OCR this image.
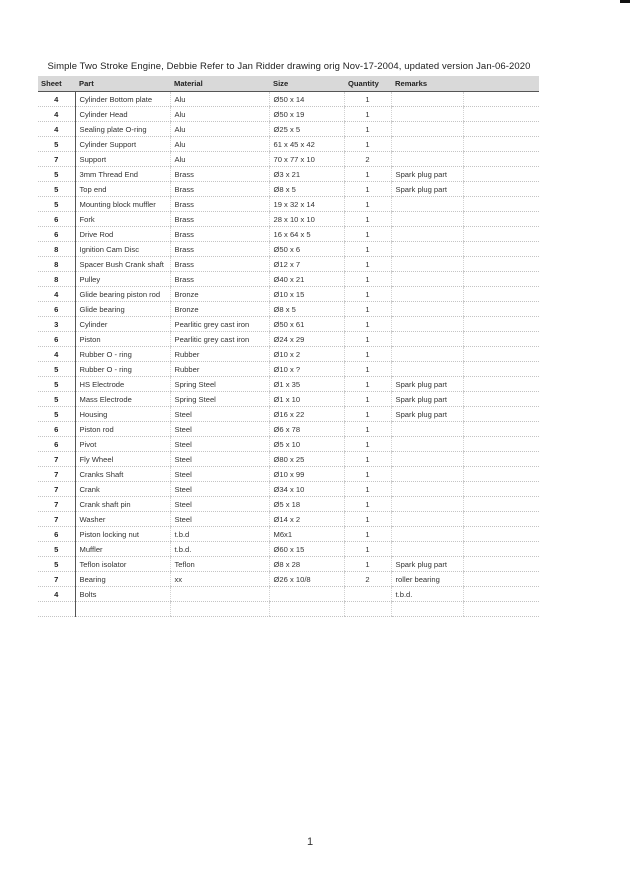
Simple Two Stroke Engine, Debbie Refer to Jan Ridder drawing orig Nov-17-2004, updated version Jan-06-2020
Sheet	Part	Material	Size	Quantity	Remarks	
4	Cylinder Bottom plate	Alu	Ø50 x 14	1		
4	Cylinder Head	Alu	Ø50 x 19	1		
4	Sealing plate O-ring	Alu	Ø25 x 5	1		
5	Cylinder Support	Alu	61 x 45 x 42	1		
7	Support	Alu	70 x 77 x 10	2		
5	3mm Thread End	Brass	Ø3 x 21	1	Spark plug part	
5	Top end	Brass	Ø8 x 5	1	Spark plug part	
5	Mounting block muffler	Brass	19 x 32 x 14	1		
6	Fork	Brass	28 x 10 x 10	1		
6	Drive Rod	Brass	16 x 64 x 5	1		
8	Ignition Cam Disc	Brass	Ø50 x 6	1		
8	Spacer Bush Crank shaft	Brass	Ø12 x 7	1		
8	Pulley	Brass	Ø40 x 21	1		
4	Glide bearing piston rod	Bronze	Ø10 x 15	1		
6	Glide bearing	Bronze	Ø8 x 5	1		
3	Cylinder	Pearlitic grey cast iron	Ø50 x 61	1		
6	Piston	Pearlitic grey cast iron	Ø24 x 29	1		
4	Rubber O - ring	Rubber	Ø10 x 2	1		
5	Rubber O - ring	Rubber	Ø10 x ?	1		
5	HS Electrode	Spring Steel	Ø1 x 35	1	Spark plug part	
5	Mass Electrode	Spring Steel	Ø1 x 10	1	Spark plug part	
5	Housing	Steel	Ø16 x 22	1	Spark plug part	
6	Piston rod	Steel	Ø6 x 78	1		
6	Pivot	Steel	Ø5 x 10	1		
7	Fly Wheel	Steel	Ø80 x 25	1		
7	Cranks Shaft	Steel	Ø10 x 99	1		
7	Crank	Steel	Ø34 x 10	1		
7	Crank shaft pin	Steel	Ø5 x 18	1		
7	Washer	Steel	Ø14 x 2	1		
6	Piston locking nut	t.b.d	M6x1	1		
5	Muffler	t.b.d.	Ø60 x 15	1		
5	Teflon isolator	Teflon	Ø8 x 28	1	Spark plug part	
7	Bearing	xx	Ø26 x 10/8	2	roller bearing	
4	Bolts				t.b.d.	

1
